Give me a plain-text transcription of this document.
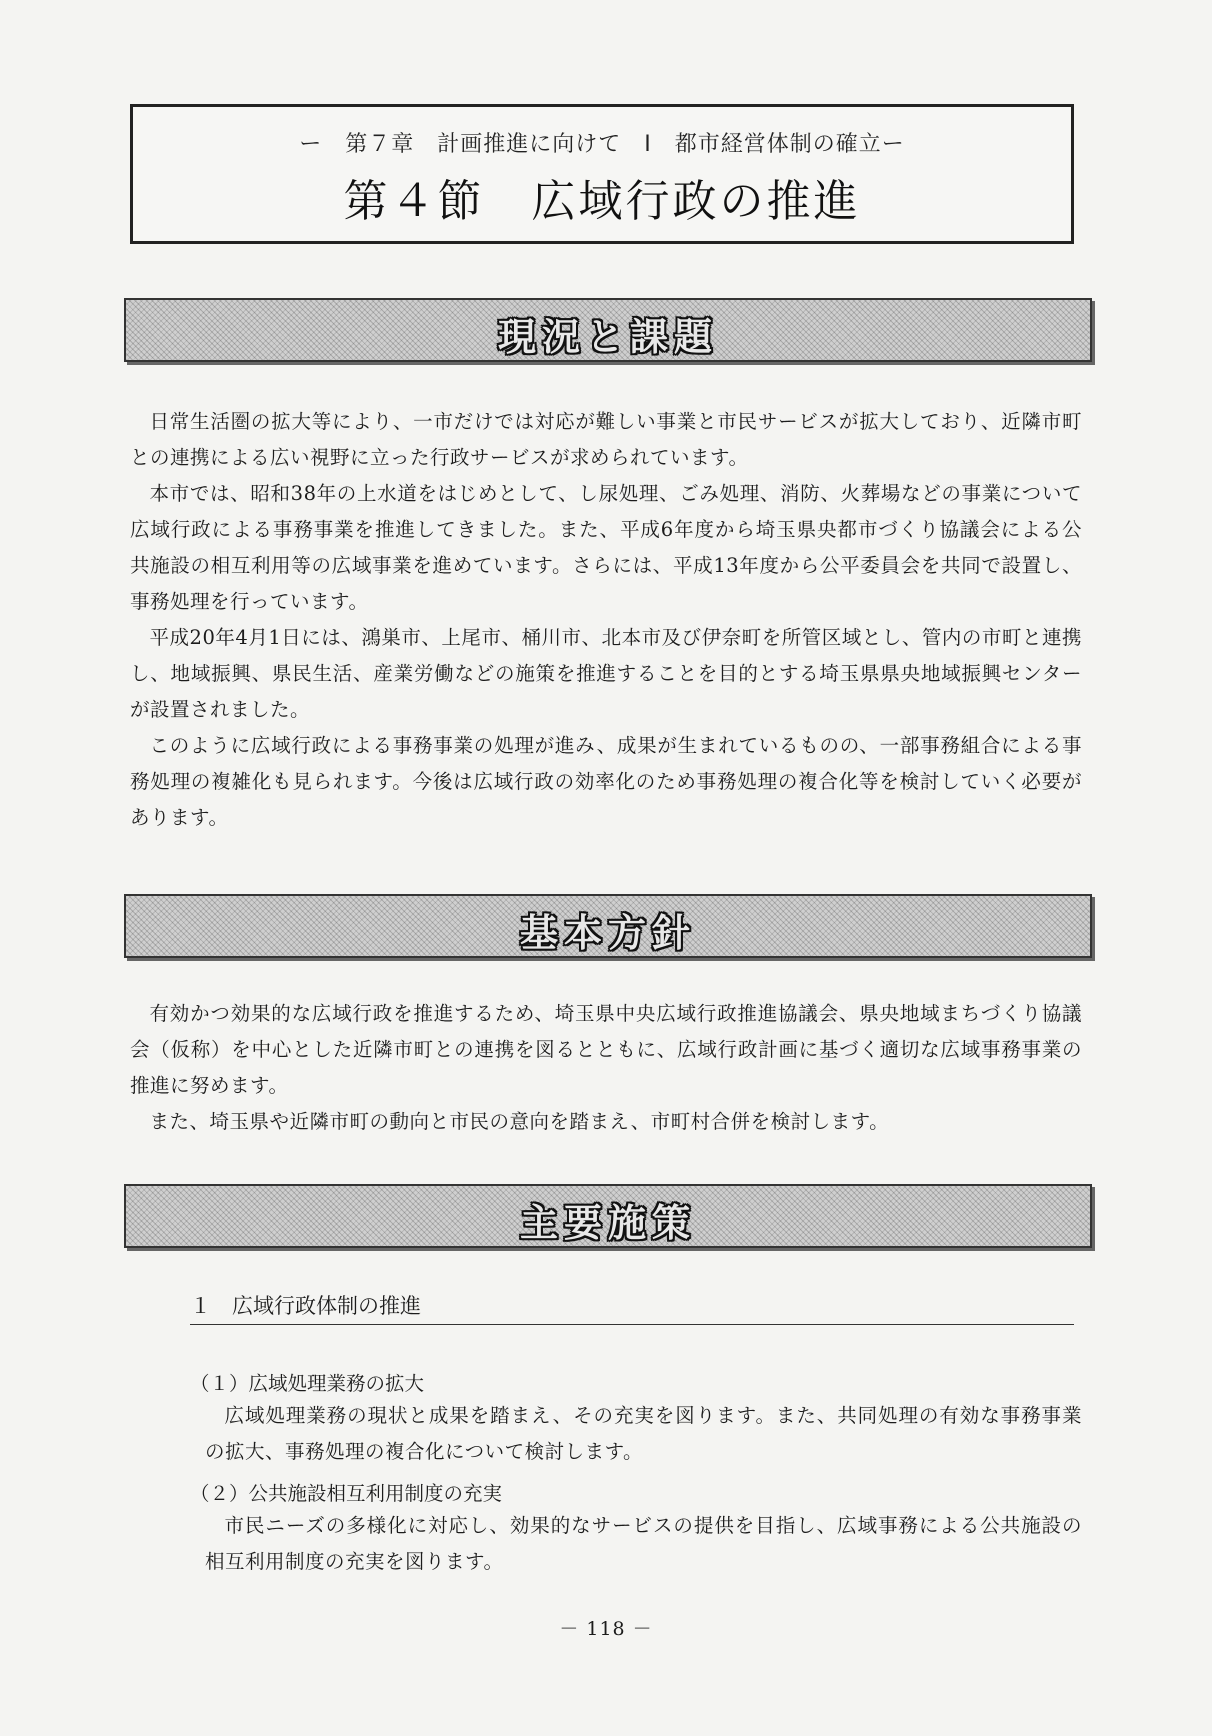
ー　第７章　計画推進に向けて　Ⅰ　都市経営体制の確立ー
第４節　広域行政の推進
現況と課題

日常生活圏の拡大等により、一市だけでは対応が難しい事業と市民サービスが拡大しており、近隣市町との連携による広い視野に立った行政サービスが求められています。

本市では、昭和38年の上水道をはじめとして、し尿処理、ごみ処理、消防、火葬場などの事業について広域行政による事務事業を推進してきました。また、平成6年度から埼玉県央都市づくり協議会による公共施設の相互利用等の広域事業を進めています。さらには、平成13年度から公平委員会を共同で設置し、事務処理を行っています。

平成20年4月1日には、鴻巣市、上尾市、桶川市、北本市及び伊奈町を所管区域とし、管内の市町と連携し、地域振興、県民生活、産業労働などの施策を推進することを目的とする埼玉県県央地域振興センターが設置されました。

このように広域行政による事務事業の処理が進み、成果が生まれているものの、一部事務組合による事務処理の複雑化も見られます。今後は広域行政の効率化のため事務処理の複合化等を検討していく必要があります。

基本方針

有効かつ効果的な広域行政を推進するため、埼玉県中央広域行政推進協議会、県央地域まちづくり協議会（仮称）を中心とした近隣市町との連携を図るとともに、広域行政計画に基づく適切な広域事務事業の推進に努めます。

また、埼玉県や近隣市町の動向と市民の意向を踏まえ、市町村合併を検討します。

主要施策
１　広域行政体制の推進
（１）広域処理業務の拡大

広域処理業務の現状と成果を踏まえ、その充実を図ります。また、共同処理の有効な事務事業の拡大、事務処理の複合化について検討します。

（２）公共施設相互利用制度の充実

市民ニーズの多様化に対応し、効果的なサービスの提供を目指し、広域事務による公共施設の相互利用制度の充実を図ります。

－ 118 －
